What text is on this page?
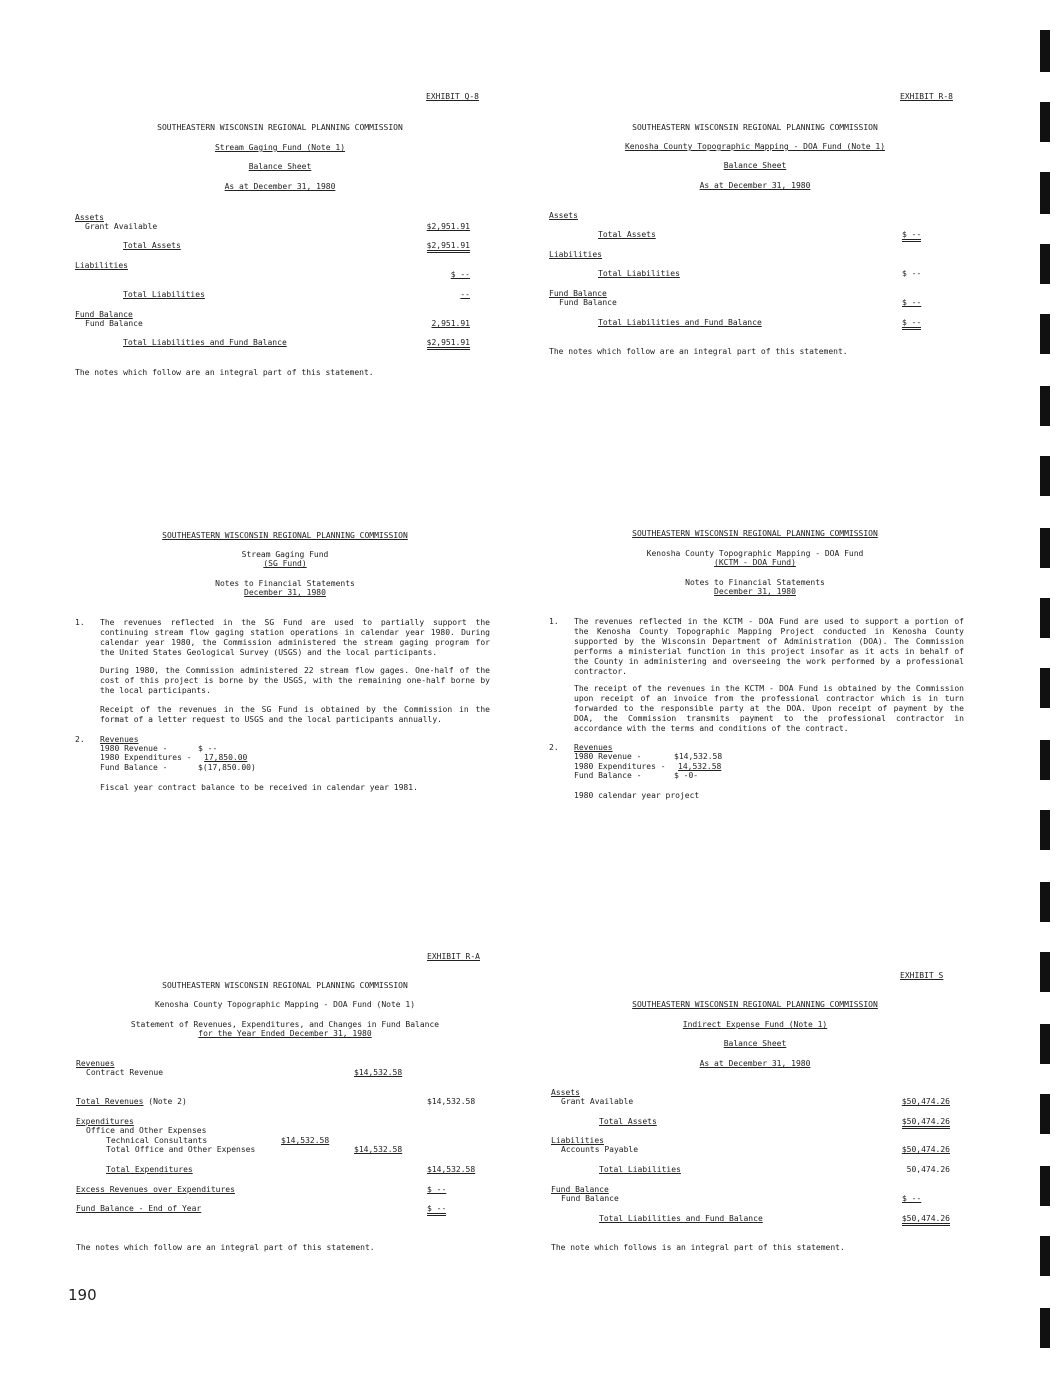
EXHIBIT Q-8
SOUTHEASTERN WISCONSIN REGIONAL PLANNING COMMISSION
Stream Gaging Fund (Note 1)
Balance Sheet
As at December 31, 1980
Assets
Grant Available	$2,951.91
Total Assets	$2,951.91
Liabilities
$ --
Total Liabilities	--
Fund Balance
Fund Balance	2,951.91
Total Liabilities and Fund Balance	$2,951.91
The notes which follow are an integral part of this statement.
EXHIBIT R-8
SOUTHEASTERN WISCONSIN REGIONAL PLANNING COMMISSION
Kenosha County Topographic Mapping - DOA Fund (Note 1)
Balance Sheet
As at December 31, 1980
Assets
Total Assets	$ --
Liabilities
Total Liabilities	$ --
Fund Balance
Fund Balance	$ --
Total Liabilities and Fund Balance	$ --
The notes which follow are an integral part of this statement.
SOUTHEASTERN WISCONSIN REGIONAL PLANNING COMMISSION
Stream Gaging Fund
(SG Fund)
Notes to Financial Statements
December 31, 1980
1. The revenues reflected in the SG Fund are used to partially support the continuing stream flow gaging station operations in calendar year 1980. During calendar year 1980, the Commission administered the stream gaging program for the United States Geological Survey (USGS) and the local participants.
During 1980, the Commission administered 22 stream flow gages. One-half of the cost of this project is borne by the USGS, with the remaining one-half borne by the local participants.
Receipt of the revenues in the SG Fund is obtained by the Commission in the format of a letter request to USGS and the local participants annually.
2. Revenues
1980 Revenue -	$ --
1980 Expenditures - 17,850.00
Fund Balance -	$(17,850.00)
Fiscal year contract balance to be received in calendar year 1981.
SOUTHEASTERN WISCONSIN REGIONAL PLANNING COMMISSION
Kenosha County Topographic Mapping - DOA Fund
(KCTM - DOA Fund)
Notes to Financial Statements
December 31, 1980
1. The revenues reflected in the KCTM - DOA Fund are used to support a portion of the Kenosha County Topographic Mapping Project conducted in Kenosha County supported by the Wisconsin Department of Administration (DOA). The Commission performs a ministerial function in this project insofar as it acts in behalf of the County in administering and overseeing the work performed by a professional contractor.
The receipt of the revenues in the KCTM - DOA Fund is obtained by the Commission upon receipt of an invoice from the professional contractor which is in turn forwarded to the responsible party at the DOA. Upon receipt of payment by the DOA, the Commission transmits payment to the professional contractor in accordance with the terms and conditions of the contract.
2. Revenues
1980 Revenue -	$14,532.58
1980 Expenditures - 14,532.58
Fund Balance -	$ -0-
1980 calendar year project
EXHIBIT R-A
SOUTHEASTERN WISCONSIN REGIONAL PLANNING COMMISSION
Kenosha County Topographic Mapping - DOA Fund (Note 1)
Statement of Revenues, Expenditures, and Changes in Fund Balance
for the Year Ended December 31, 1980
Revenues
Contract Revenue	$14,532.58
Total Revenues (Note 2)	$14,532.58
Expenditures
Office and Other Expenses
Technical Consultants	$14,532.58
Total Office and Other Expenses	$14,532.58
Total Expenditures	$14,532.58
Excess Revenues over Expenditures	$ --
Fund Balance - End of Year	$ --
The notes which follow are an integral part of this statement.
EXHIBIT S
SOUTHEASTERN WISCONSIN REGIONAL PLANNING COMMISSION
Indirect Expense Fund (Note 1)
Balance Sheet
As at December 31, 1980
Assets
Grant Available	$50,474.26
Total Assets	$50,474.26
Liabilities
Accounts Payable	$50,474.26
Total Liabilities	50,474.26
Fund Balance
Fund Balance	$ --
Total Liabilities and Fund Balance	$50,474.26
The note which follows is an integral part of this statement.
190
